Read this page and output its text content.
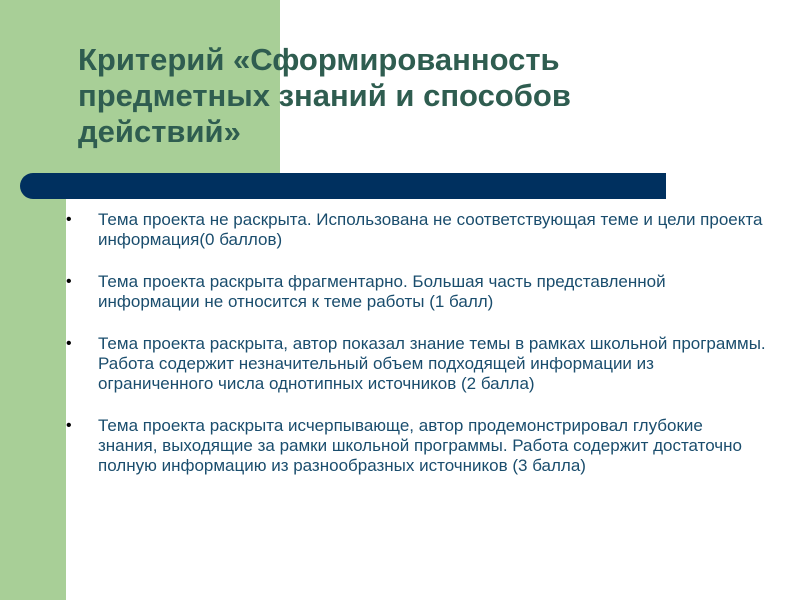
Критерий «Сформированность предметных знаний и способов действий»
•	Тема проекта не раскрыта. Использована не соответствующая теме и цели проекта информация(0 баллов)
•	Тема проекта раскрыта фрагментарно. Большая часть представленной информации не относится к теме работы (1 балл)
•	Тема проекта раскрыта, автор показал знание темы в рамках школьной программы. Работа содержит незначительный объем подходящей информации из ограниченного числа однотипных источников (2 балла)
•	Тема проекта раскрыта исчерпывающе, автор продемонстрировал глубокие знания, выходящие за рамки школьной программы. Работа содержит достаточно полную информацию из разнообразных источников (3 балла)
